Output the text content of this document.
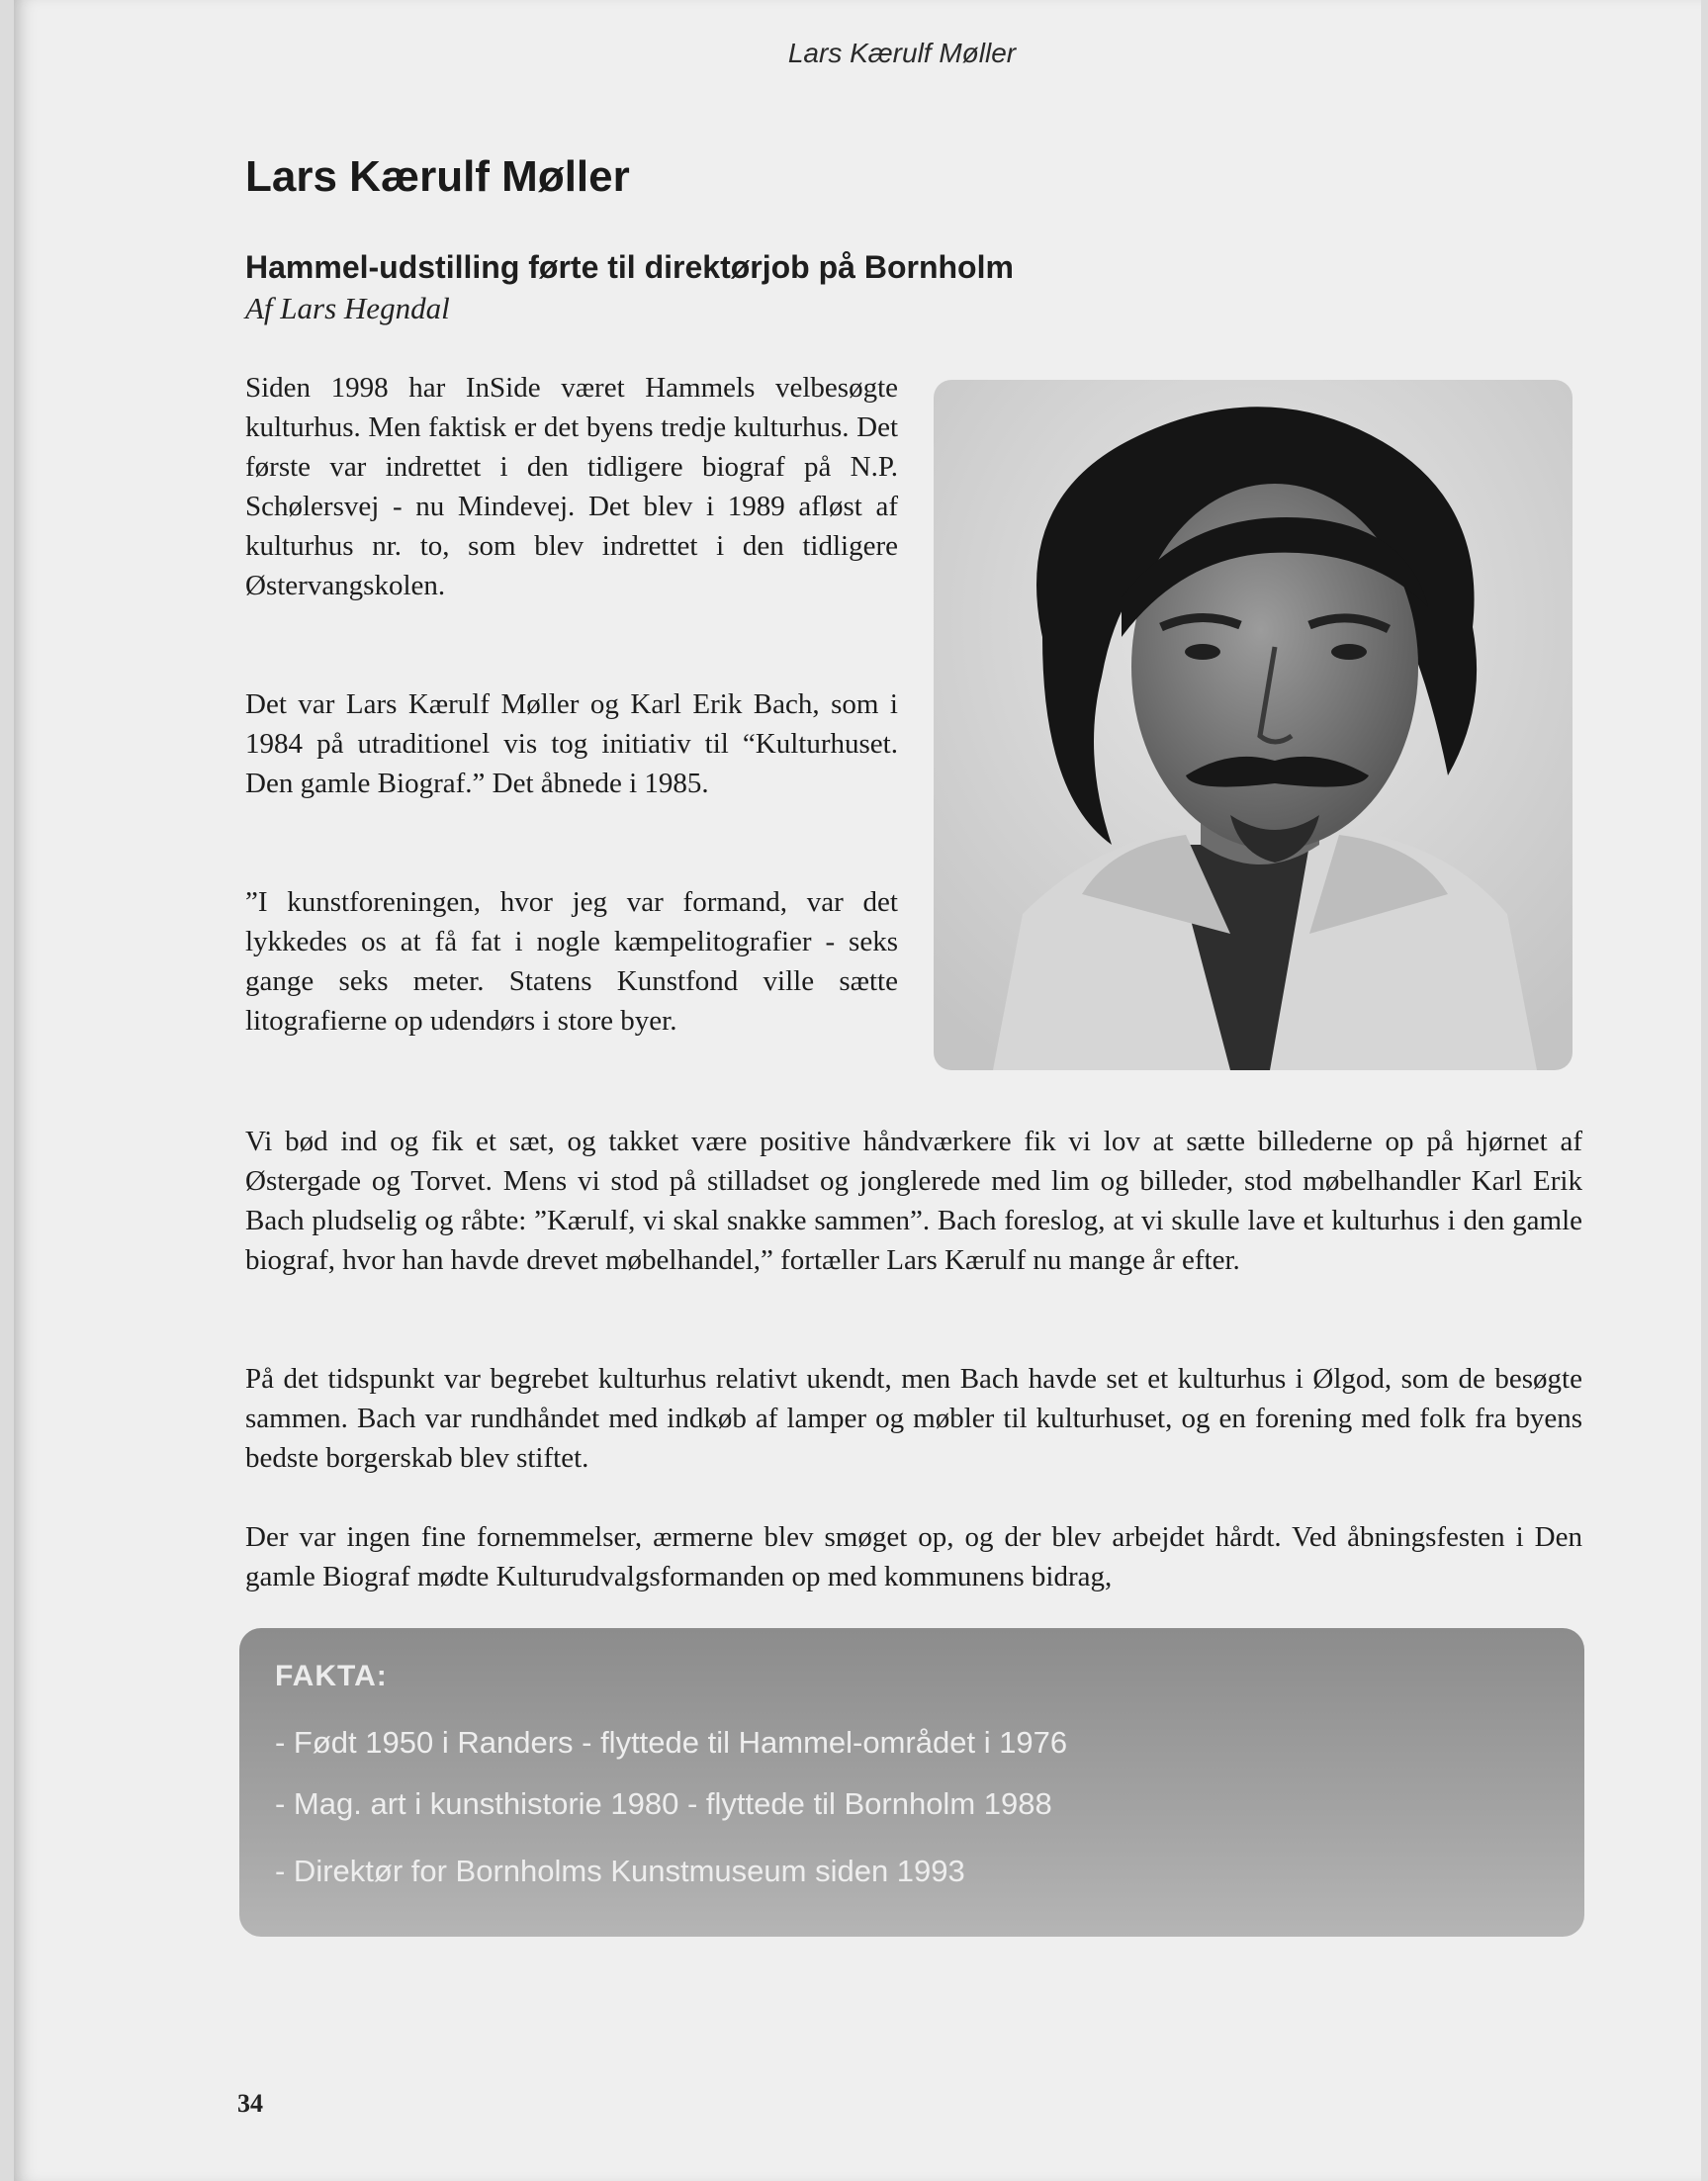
Lars Kærulf Møller
Lars Kærulf Møller
Hammel-udstilling førte til direktørjob på Bornholm

Af Lars Hegndal

Siden 1998 har InSide været Hammels velbesøgte kulturhus. Men faktisk er det byens tredje kulturhus. Det første var indrettet i den tidligere biograf på N.P. Schølersvej - nu Mindevej. Det blev i 1989 afløst af kulturhus nr. to, som blev indrettet i den tidligere Østervangskolen.

Det var Lars Kærulf Møller og Karl Erik Bach, som i 1984 på utraditionel vis tog initiativ til “Kulturhuset. Den gamle Biograf.” Det åbnede i 1985.

”I kunstforeningen, hvor jeg var formand, var det lykkedes os at få fat i nogle kæmpelitografier - seks gange seks meter. Statens Kunstfond ville sætte litografierne op udendørs i store byer.

Vi bød ind og fik et sæt, og takket være positive håndværkere fik vi lov at sætte billederne op på hjørnet af Østergade og Torvet. Mens vi stod på stilladset og jonglerede med lim og billeder, stod møbelhandler Karl Erik Bach pludselig og råbte: ”Kærulf, vi skal snakke sammen”. Bach foreslog, at vi skulle lave et kulturhus i den gamle biograf, hvor han havde drevet møbelhandel,” fortæller Lars Kærulf nu mange år efter.

På det tidspunkt var begrebet kulturhus relativt ukendt, men Bach havde set et kulturhus i Ølgod, som de besøgte sammen. Bach var rundhåndet med indkøb af lamper og møbler til kulturhuset, og en forening med folk fra byens bedste borgerskab blev stiftet.

Der var ingen fine fornemmelser, ærmerne blev smøget op, og der blev arbejdet hårdt. Ved åbningsfesten i Den gamle Biograf mødte Kulturudvalgsformanden op med kommunens bidrag,

FAKTA:

- Født 1950 i Randers - flyttede til Hammel-området i 1976

- Mag. art i kunsthistorie 1980 - flyttede til Bornholm 1988

- Direktør for Bornholms Kunstmuseum siden 1993

34
